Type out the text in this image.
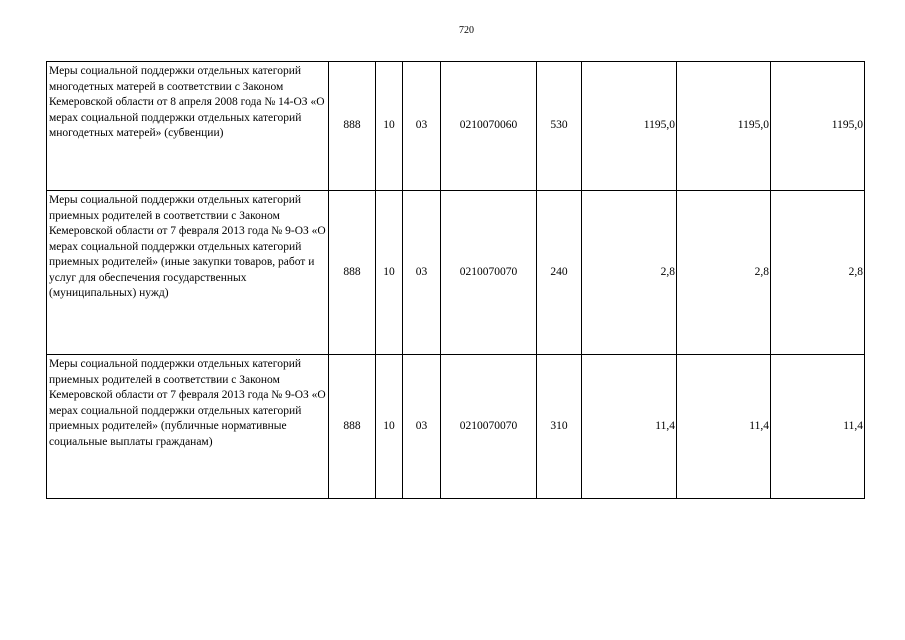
720
Меры социальной поддержки отдельных категорий многодетных матерей в соответствии с Законом Кемеровской области от 8 апреля 2008 года № 14-ОЗ «О мерах социальной поддержки отдельных категорий многодетных матерей» (субвенции)	888	10	03	0210070060	530	1195,0	1195,0	1195,0
Меры социальной поддержки отдельных категорий приемных родителей в соответствии с Законом Кемеровской области от 7 февраля 2013 года № 9-ОЗ «О мерах социальной поддержки отдельных категорий приемных родителей» (иные закупки товаров, работ и услуг для обеспечения государственных (муниципальных) нужд)	888	10	03	0210070070	240	2,8	2,8	2,8
Меры социальной поддержки отдельных категорий приемных родителей в соответствии с Законом Кемеровской области от 7 февраля 2013 года № 9-ОЗ «О мерах социальной поддержки отдельных категорий приемных родителей» (публичные нормативные социальные выплаты гражданам)	888	10	03	0210070070	310	11,4	11,4	11,4
